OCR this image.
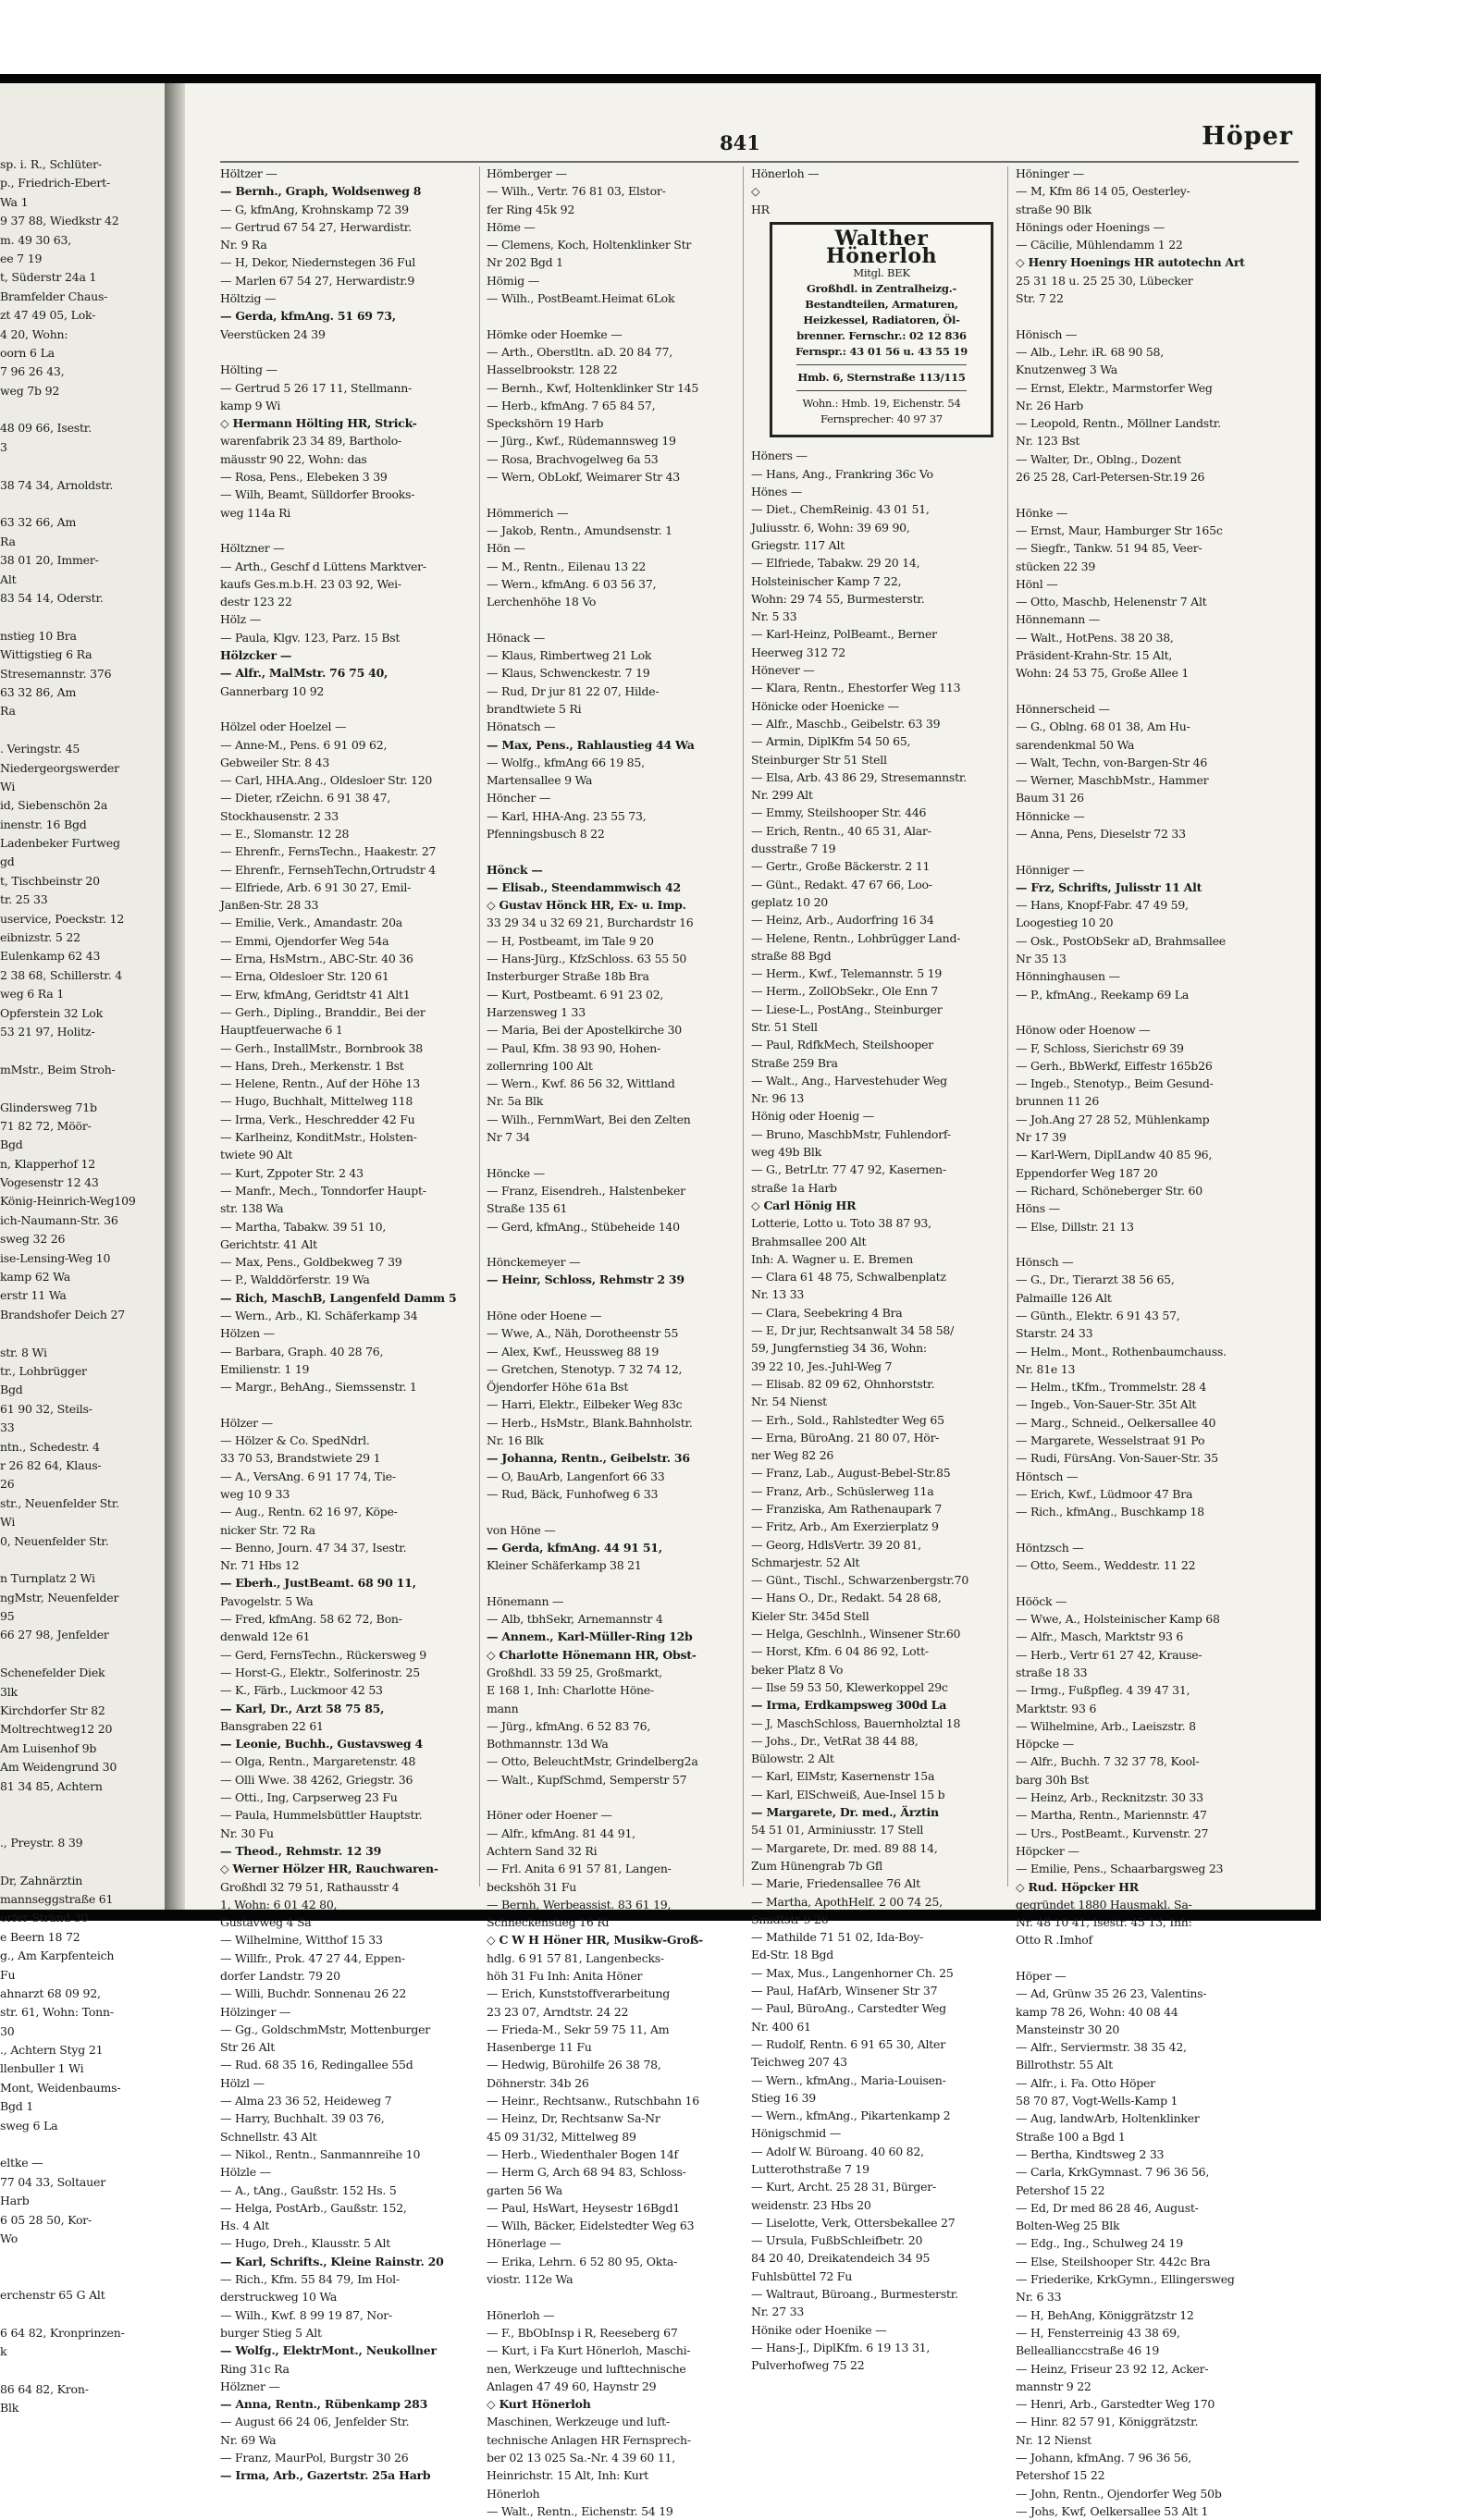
sp. i. R., Schlüter-
p., Friedrich-Ebert-
Wa 1
9 37 88, Wiedkstr 42
m. 49 30 63,
ee 7 19
t, Süderstr 24a 1
Bramfelder Chaus-
zt 47 49 05, Lok-
4 20, Wohn:
oorn 6 La
7 96 26 43,
weg 7b 92
48 09 66, Isestr.
3
38 74 34, Arnoldstr.
63 32 66, Am
Ra
38 01 20, Immer-
Alt
83 54 14, Oderstr.
nstieg 10 Bra
Wittigstieg 6 Ra
Stresemannstr. 376
63 32 86, Am
Ra
. Veringstr. 45
Niedergeorgswerder
Wi
id, Siebenschön 2a
inenstr. 16 Bgd
Ladenbeker Furtweg
gd
t, Tischbeinstr 20
tr. 25 33
uservice, Poeckstr. 12
eibnizstr. 5 22
Eulenkamp 62 43
2 38 68, Schillerstr. 4
weg 6 Ra 1
Opferstein 32 Lok
53 21 97, Holitz-
mMstr., Beim Stroh-
Glindersweg 71b
71 82 72, Möör-
Bgd
n, Klapperhof 12
Vogesenstr 12 43
König-Heinrich-Weg109
ich-Naumann-Str. 36
sweg 32 26
ise-Lensing-Weg 10
kamp 62 Wa
erstr 11 Wa
Brandshofer Deich 27
str. 8 Wi
tr., Lohbrügger
Bgd
61 90 32, Steils-
33
ntn., Schedestr. 4
r 26 82 64, Klaus-
26
str., Neuenfelder Str.
Wi
0, Neuenfelder Str.
n Turnplatz 2 Wi
ngMstr, Neuenfelder
95
66 27 98, Jenfelder
Schenefelder Diek
3lk
Kirchdorfer Str 82
Moltrechtweg12 20
Am Luisenhof 9b
Am Weidengrund 30
81 34 85, Achtern
., Preystr. 8 39
Dr, Zahnärztin
mannseggstraße 61
orfer Strand 30
e Beern 18 72
g., Am Karpfenteich
Fu
ahnarzt 68 09 92,
str. 61, Wohn: Tonn-
30
., Achtern Styg 21
llenbuller 1 Wi
Mont, Weidenbaums-
Bgd 1
sweg 6 La
eltke —
77 04 33, Soltauer
Harb
6 05 28 50, Kor-
Wo
erchenstr 65 G Alt
6 64 82, Kronprinzen-
k
86 64 82, Kron-
Blk
841	Höper
Höltzer —
— Bernh., Graph, Woldsenweg 8
— G, kfmAng, Krohnskamp 72 39
— Gertrud 67 54 27, Herwardistr.
Nr. 9 Ra
— H, Dekor, Niedernstegen 36 Ful
— Marlen 67 54 27, Herwardistr.9
Höltzig —
— Gerda, kfmAng. 51 69 73,
Veerstücken 24 39
Hölting —
— Gertrud 5 26 17 11, Stellmann-
kamp 9 Wi
◇ Hermann Hölting HR, Strick-
warenfabrik 23 34 89, Bartholo-
mäusstr 90 22, Wohn: das
— Rosa, Pens., Elebeken 3 39
— Wilh, Beamt, Sülldorfer Brooks-
weg 114a Ri
Höltzner —
— Arth., Geschf d Lüttens Marktver-
kaufs Ges.m.b.H. 23 03 92, Wei-
destr 123 22
Hölz —
— Paula, Klgv. 123, Parz. 15 Bst
Hölzcker —
— Alfr., MalMstr. 76 75 40,
Gannerbarg 10 92
Hölzel oder Hoelzel —
— Anne-M., Pens. 6 91 09 62,
Gebweiler Str. 8 43
— Carl, HHA.Ang., Oldesloer Str. 120
— Dieter, rZeichn. 6 91 38 47,
Stockhausenstr. 2 33
— E., Slomanstr. 12 28
— Ehrenfr., FernsTechn., Haakestr. 27
— Ehrenfr., FernsehTechn,Ortrudstr 4
— Elfriede, Arb. 6 91 30 27, Emil-
Janßen-Str. 28 33
— Emilie, Verk., Amandastr. 20a
— Emmi, Ojendorfer Weg 54a
— Erna, HsMstrn., ABC-Str. 40 36
— Erna, Oldesloer Str. 120 61
— Erw, kfmAng, Geridtstr 41 Alt1
— Gerh., Dipling., Branddir., Bei der
Hauptfeuerwache 6 1
— Gerh., InstallMstr., Bornbrook 38
— Hans, Dreh., Merkenstr. 1 Bst
— Helene, Rentn., Auf der Höhe 13
— Hugo, Buchhalt, Mittelweg 118
— Irma, Verk., Heschredder 42 Fu
— Karlheinz, KonditMstr., Holsten-
twiete 90 Alt
— Kurt, Zppoter Str. 2 43
— Manfr., Mech., Tonndorfer Haupt-
str. 138 Wa
— Martha, Tabakw. 39 51 10,
Gerichtstr. 41 Alt
— Max, Pens., Goldbekweg 7 39
— P., Walddörferstr. 19 Wa
— Rich, MaschB, Langenfeld Damm 5
— Wern., Arb., Kl. Schäferkamp 34
Hölzen —
— Barbara, Graph. 40 28 76,
Emilienstr. 1 19
— Margr., BehAng., Siemssenstr. 1
Hölzer —
— Hölzer & Co. SpedNdrl.
33 70 53, Brandstwiete 29 1
— A., VersAng. 6 91 17 74, Tie-
weg 10 9 33
— Aug., Rentn. 62 16 97, Köpe-
nicker Str. 72 Ra
— Benno, Journ. 47 34 37, Isestr.
Nr. 71 Hbs 12
— Eberh., JustBeamt. 68 90 11,
Pavogelstr. 5 Wa
— Fred, kfmAng. 58 62 72, Bon-
denwald 12e 61
— Gerd, FernsTechn., Rückersweg 9
— Horst-G., Elektr., Solferinostr. 25
— K., Färb., Luckmoor 42 53
— Karl, Dr., Arzt 58 75 85,
Bansgraben 22 61
— Leonie, Buchh., Gustavsweg 4
— Olga, Rentn., Margaretenstr. 48
— Olli Wwe. 38 4262, Griegstr. 36
— Otti., Ing, Carpserweg 23 Fu
— Paula, Hummelsbüttler Hauptstr.
Nr. 30 Fu
— Theod., Rehmstr. 12 39
◇ Werner Hölzer HR, Rauchwaren-
Großhdl 32 79 51, Rathausstr 4
1, Wohn: 6 01 42 80,
Gustavweg 4 Sa
— Wilhelmine, Witthof 15 33
— Willfr., Prok. 47 27 44, Eppen-
dorfer Landstr. 79 20
— Willi, Buchdr. Sonnenau 26 22
Hölzinger —
— Gg., GoldschmMstr, Mottenburger
Str 26 Alt
— Rud. 68 35 16, Redingallee 55d
Hölzl —
— Alma 23 36 52, Heideweg 7
— Harry, Buchhalt. 39 03 76,
Schnellstr. 43 Alt
— Nikol., Rentn., Sanmannreihe 10
Hölzle —
— A., tAng., Gaußstr. 152 Hs. 5
— Helga, PostArb., Gaußstr. 152,
Hs. 4 Alt
— Hugo, Dreh., Klausstr. 5 Alt
— Karl, Schrifts., Kleine Rainstr. 20
— Rich., Kfm. 55 84 79, Im Hol-
derstruckweg 10 Wa
— Wilh., Kwf. 8 99 19 87, Nor-
burger Stieg 5 Alt
— Wolfg., ElektrMont., Neukollner
Ring 31c Ra
Hölzner —
— Anna, Rentn., Rübenkamp 283
— August 66 24 06, Jenfelder Str.
Nr. 69 Wa
— Franz, MaurPol, Burgstr 30 26
— Irma, Arb., Gazertstr. 25a Harb
Hömberger —
— Wilh., Vertr. 76 81 03, Elstor-
fer Ring 45k 92
Höme —
— Clemens, Koch, Holtenklinker Str
Nr 202 Bgd 1
Hömig —
— Wilh., PostBeamt.Heimat 6Lok
Hömke oder Hoemke —
— Arth., Oberstltn. aD. 20 84 77,
Hasselbrookstr. 128 22
— Bernh., Kwf, Holtenklinker Str 145
— Herb., kfmAng. 7 65 84 57,
Speckshörn 19 Harb
— Jürg., Kwf., Rüdemannsweg 19
— Rosa, Brachvogelweg 6a 53
— Wern, ObLokf, Weimarer Str 43
Hömmerich —
— Jakob, Rentn., Amundsenstr. 1
Hön —
— M., Rentn., Eilenau 13 22
— Wern., kfmAng. 6 03 56 37,
Lerchenhöhe 18 Vo
Hönack —
— Klaus, Rimbertweg 21 Lok
— Klaus, Schwenckestr. 7 19
— Rud, Dr jur 81 22 07, Hilde-
brandtwiete 5 Ri
Hönatsch —
— Max, Pens., Rahlaustieg 44 Wa
— Wolfg., kfmAng 66 19 85,
Martensallee 9 Wa
Höncher —
— Karl, HHA-Ang. 23 55 73,
Pfenningsbusch 8 22
Hönck —
— Elisab., Steendammwisch 42
◇ Gustav Hönck HR, Ex- u. Imp.
33 29 34 u 32 69 21, Burchardstr 16
— H, Postbeamt, im Tale 9 20
— Hans-Jürg., KfzSchloss. 63 55 50
Insterburger Straße 18b Bra
— Kurt, Postbeamt. 6 91 23 02,
Harzensweg 1 33
— Maria, Bei der Apostelkirche 30
— Paul, Kfm. 38 93 90, Hohen-
zollernring 100 Alt
— Wern., Kwf. 86 56 32, Wittland
Nr. 5a Blk
— Wilh., FernmWart, Bei den Zelten
Nr 7 34
Höncke —
— Franz, Eisendreh., Halstenbeker
Straße 135 61
— Gerd, kfmAng., Stübeheide 140
Hönckemeyer —
— Heinr, Schloss, Rehmstr 2 39
Höne oder Hoene —
— Wwe, A., Näh, Dorotheenstr 55
— Alex, Kwf., Heussweg 88 19
— Gretchen, Stenotyp. 7 32 74 12,
Öjendorfer Höhe 61a Bst
— Harri, Elektr., Eilbeker Weg 83c
— Herb., HsMstr., Blank.Bahnholstr.
Nr. 16 Blk
— Johanna, Rentn., Geibelstr. 36
— O, BauArb, Langenfort 66 33
— Rud, Bäck, Funhofweg 6 33
von Höne —
— Gerda, kfmAng. 44 91 51,
Kleiner Schäferkamp 38 21
Hönemann —
— Alb, tbhSekr, Arnemannstr 4
— Annem., Karl-Müller-Ring 12b
◇ Charlotte Hönemann HR, Obst-
Großhdl. 33 59 25, Großmarkt,
E 168 1, Inh: Charlotte Höne-
mann
— Jürg., kfmAng. 6 52 83 76,
Bothmannstr. 13d Wa
— Otto, BeleuchtMstr, Grindelberg2a
— Walt., KupfSchmd, Semperstr 57
Höner oder Hoener —
— Alfr., kfmAng. 81 44 91,
Achtern Sand 32 Ri
— Frl. Anita 6 91 57 81, Langen-
beckshöh 31 Fu
— Bernh, Werbeassist. 83 61 19,
Schneckenstieg 16 Ri
◇ C W H Höner HR, Musikw-Groß-
hdlg. 6 91 57 81, Langenbecks-
höh 31 Fu Inh: Anita Höner
— Erich, Kunststoffverarbeitung
23 23 07, Arndtstr. 24 22
— Frieda-M., Sekr 59 75 11, Am
Hasenberge 11 Fu
— Hedwig, Bürohilfe 26 38 78,
Döhnerstr. 34b 26
— Heinr., Rechtsanw., Rutschbahn 16
— Heinz, Dr, Rechtsanw Sa-Nr
45 09 31/32, Mittelweg 89
— Herb., Wiedenthaler Bogen 14f
— Herm G, Arch 68 94 83, Schloss-
garten 56 Wa
— Paul, HsWart, Heysestr 16Bgd1
— Wilh, Bäcker, Eidelstedter Weg 63
Hönerlage —
— Erika, Lehrn. 6 52 80 95, Okta-
viostr. 112e Wa
Hönerloh —
— F., BbObInsp i R, Reeseberg 67
— Kurt, i Fa Kurt Hönerloh, Maschi-
nen, Werkzeuge und lufttechnische
Anlagen 47 49 60, Haynstr 29
◇ Kurt Hönerloh
Maschinen, Werkzeuge und luft-
technische Anlagen HR Fernsprech-
ber 02 13 025 Sa.-Nr. 4 39 60 11,
Heinrichstr. 15 Alt, Inh: Kurt
Hönerloh
— Walt., Rentn., Eichenstr. 54 19
Hönerloh —
◇
HR
Walther Hönerloh
Mitgl. BEK
Großhdl. in Zentralheizg.-
Bestandteilen, Armaturen,
Heizkessel, Radiatoren, Öl-
brenner. Fernschr.: 02 12 836
Fernspr.: 43 01 56 u. 43 55 19
Hmb. 6, Sternstraße 113/115
Wohn.: Hmb. 19, Eichenstr. 54
Fernsprecher: 40 97 37
Höners —
— Hans, Ang., Frankring 36c Vo
Hönes —
— Diet., ChemReinig. 43 01 51,
Juliusstr. 6, Wohn: 39 69 90,
Griegstr. 117 Alt
— Elfriede, Tabakw. 29 20 14,
Holsteinischer Kamp 7 22,
Wohn: 29 74 55, Burmesterstr.
Nr. 5 33
— Karl-Heinz, PolBeamt., Berner
Heerweg 312 72
Hönever —
— Klara, Rentn., Ehestorfer Weg 113
Hönicke oder Hoenicke —
— Alfr., Maschb., Geibelstr. 63 39
— Armin, DiplKfm 54 50 65,
Steinburger Str 51 Stell
— Elsa, Arb. 43 86 29, Stresemannstr.
Nr. 299 Alt
— Emmy, Steilshooper Str. 446
— Erich, Rentn., 40 65 31, Alar-
dusstraße 7 19
— Gertr., Große Bäckerstr. 2 11
— Günt., Redakt. 47 67 66, Loo-
geplatz 10 20
— Heinz, Arb., Audorfring 16 34
— Helene, Rentn., Lohbrügger Land-
straße 88 Bgd
— Herm., Kwf., Telemannstr. 5 19
— Herm., ZollObSekr., Ole Enn 7
— Liese-L., PostAng., Steinburger
Str. 51 Stell
— Paul, RdfkMech, Steilshooper
Straße 259 Bra
— Walt., Ang., Harvestehuder Weg
Nr. 96 13
Hönig oder Hoenig —
— Bruno, MaschbMstr, Fuhlendorf-
weg 49b Blk
— G., BetrLtr. 77 47 92, Kasernen-
straße 1a Harb
◇ Carl Hönig HR
Lotterie, Lotto u. Toto 38 87 93,
Brahmsallee 200 Alt
Inh: A. Wagner u. E. Bremen
— Clara 61 48 75, Schwalbenplatz
Nr. 13 33
— Clara, Seebekring 4 Bra
— E, Dr jur, Rechtsanwalt 34 58 58/
59, Jungfernstieg 34 36, Wohn:
39 22 10, Jes.-Juhl-Weg 7
— Elisab. 82 09 62, Ohnhorststr.
Nr. 54 Nienst
— Erh., Sold., Rahlstedter Weg 65
— Erna, BüroAng. 21 80 07, Hör-
ner Weg 82 26
— Franz, Lab., August-Bebel-Str.85
— Franz, Arb., Schüslerweg 11a
— Franziska, Am Rathenaupark 7
— Fritz, Arb., Am Exerzierplatz 9
— Georg, HdlsVertr. 39 20 81,
Schmarjestr. 52 Alt
— Günt., Tischl., Schwarzenbergstr.70
— Hans O., Dr., Redakt. 54 28 68,
Kieler Str. 345d Stell
— Helga, Geschlnh., Winsener Str.60
— Horst, Kfm. 6 04 86 92, Lott-
beker Platz 8 Vo
— Ilse 59 53 50, Klewerkoppel 29c
— Irma, Erdkampsweg 300d La
— J, MaschSchloss, Bauernholztal 18
— Johs., Dr., VetRat 38 44 88,
Bülowstr. 2 Alt
— Karl, ElMstr, Kasernenstr 15a
— Karl, ElSchweiß, Aue-Insel 15 b
— Margarete, Dr. med., Ärztin
54 51 01, Arminiusstr. 17 Stell
— Margarete, Dr. med. 89 88 14,
Zum Hünengrab 7b Gfl
— Marie, Friedensallee 76 Alt
— Martha, ApothHelf. 2 00 74 25,
Smidtstr 9 26
— Mathilde 71 51 02, Ida-Boy-
Ed-Str. 18 Bgd
— Max, Mus., Langenhorner Ch. 25
— Paul, HafArb, Winsener Str 37
— Paul, BüroAng., Carstedter Weg
Nr. 400 61
— Rudolf, Rentn. 6 91 65 30, Alter
Teichweg 207 43
— Wern., kfmAng., Maria-Louisen-
Stieg 16 39
— Wern., kfmAng., Pikartenkamp 2
Hönigschmid —
— Adolf W. Büroang. 40 60 82,
Lutterothstraße 7 19
— Kurt, Archt. 25 28 31, Bürger-
weidenstr. 23 Hbs 20
— Liselotte, Verk, Ottersbekallee 27
— Ursula, FußbSchleifbetr. 20
84 20 40, Dreikatendeich 34 95
Fuhlsbüttel 72 Fu
— Waltraut, Büroang., Burmesterstr.
Nr. 27 33
Hönike oder Hoenike —
— Hans-J., DiplKfm. 6 19 13 31,
Pulverhofweg 75 22
Höninger —
— M, Kfm 86 14 05, Oesterley-
straße 90 Blk
Hönings oder Hoenings —
— Cäcilie, Mühlendamm 1 22
◇ Henry Hoenings HR autotechn Art
25 31 18 u. 25 25 30, Lübecker
Str. 7 22
Hönisch —
— Alb., Lehr. iR. 68 90 58,
Knutzenweg 3 Wa
— Ernst, Elektr., Marmstorfer Weg
Nr. 26 Harb
— Leopold, Rentn., Möllner Landstr.
Nr. 123 Bst
— Walter, Dr., Oblng., Dozent
26 25 28, Carl-Petersen-Str.19 26
Hönke —
— Ernst, Maur, Hamburger Str 165c
— Siegfr., Tankw. 51 94 85, Veer-
stücken 22 39
Hönl —
— Otto, Maschb, Helenenstr 7 Alt
Hönnemann —
— Walt., HotPens. 38 20 38,
Präsident-Krahn-Str. 15 Alt,
Wohn: 24 53 75, Große Allee 1
Hönnerscheid —
— G., Oblng. 68 01 38, Am Hu-
sarendenkmal 50 Wa
— Walt, Techn, von-Bargen-Str 46
— Werner, MaschbMstr., Hammer
Baum 31 26
Hönnicke —
— Anna, Pens, Dieselstr 72 33
Hönniger —
— Frz, Schrifts, Julisstr 11 Alt
— Hans, Knopf-Fabr. 47 49 59,
Loogestieg 10 20
— Osk., PostObSekr aD, Brahmsallee
Nr 35 13
Hönninghausen —
— P., kfmAng., Reekamp 69 La
Hönow oder Hoenow —
— F, Schloss, Sierichstr 69 39
— Gerh., BbWerkf, Eiffestr 165b26
— Ingeb., Stenotyp., Beim Gesund-
brunnen 11 26
— Joh.Ang 27 28 52, Mühlenkamp
Nr 17 39
— Karl-Wern, DiplLandw 40 85 96,
Eppendorfer Weg 187 20
— Richard, Schöneberger Str. 60
Höns —
— Else, Dillstr. 21 13
Hönsch —
— G., Dr., Tierarzt 38 56 65,
Palmaille 126 Alt
— Günth., Elektr. 6 91 43 57,
Starstr. 24 33
— Helm., Mont., Rothenbaumchauss.
Nr. 81e 13
— Helm., tKfm., Trommelstr. 28 4
— Ingeb., Von-Sauer-Str. 35t Alt
— Marg., Schneid., Oelkersallee 40
— Margarete, Wesselstraat 91 Po
— Rudi, FürsAng. Von-Sauer-Str. 35
Höntsch —
— Erich, Kwf., Lüdmoor 47 Bra
— Rich., kfmAng., Buschkamp 18
Höntzsch —
— Otto, Seem., Weddestr. 11 22
Hööck —
— Wwe, A., Holsteinischer Kamp 68
— Alfr., Masch, Marktstr 93 6
— Herb., Vertr 61 27 42, Krause-
straße 18 33
— Irmg., Fußpfleg. 4 39 47 31,
Marktstr. 93 6
— Wilhelmine, Arb., Laeiszstr. 8
Höpcke —
— Alfr., Buchh. 7 32 37 78, Kool-
barg 30h Bst
— Heinz, Arb., Recknitzstr. 30 33
— Martha, Rentn., Mariennstr. 47
— Urs., PostBeamt., Kurvenstr. 27
Höpcker —
— Emilie, Pens., Schaarbargsweg 23
◇ Rud. Höpcker HR
gegründet 1880 Hausmakl. Sa-
Nr. 48 10 41, Isestr. 45 13, Inh:
Otto R .Imhof
Höper —
— Ad, Grünw 35 26 23, Valentins-
kamp 78 26, Wohn: 40 08 44
Mansteinstr 30 20
— Alfr., Serviermstr. 38 35 42,
Billrothstr. 55 Alt
— Alfr., i. Fa. Otto Höper
58 70 87, Vogt-Wells-Kamp 1
— Aug, landwArb, Holtenklinker
Straße 100 a Bgd 1
— Bertha, Kindtsweg 2 33
— Carla, KrkGymnast. 7 96 36 56,
Petershof 15 22
— Ed, Dr med 86 28 46, August-
Bolten-Weg 25 Blk
— Edg., Ing., Schulweg 24 19
— Else, Steilshooper Str. 442c Bra
— Friederike, KrkGymn., Ellingersweg
Nr. 6 33
— H, BehAng, Königgrätzstr 12
— H, Fensterreinig 43 38 69,
Belleallianccstraße 46 19
— Heinz, Friseur 23 92 12, Acker-
mannstr 9 22
— Henri, Arb., Garstedter Weg 170
— Hinr. 82 57 91, Königgrätzstr.
Nr. 12 Nienst
— Johann, kfmAng. 7 96 36 56,
Petershof 15 22
— John, Rentn., Ojendorfer Weg 50b
— Johs, Kwf, Oelkersallee 53 Alt 1
